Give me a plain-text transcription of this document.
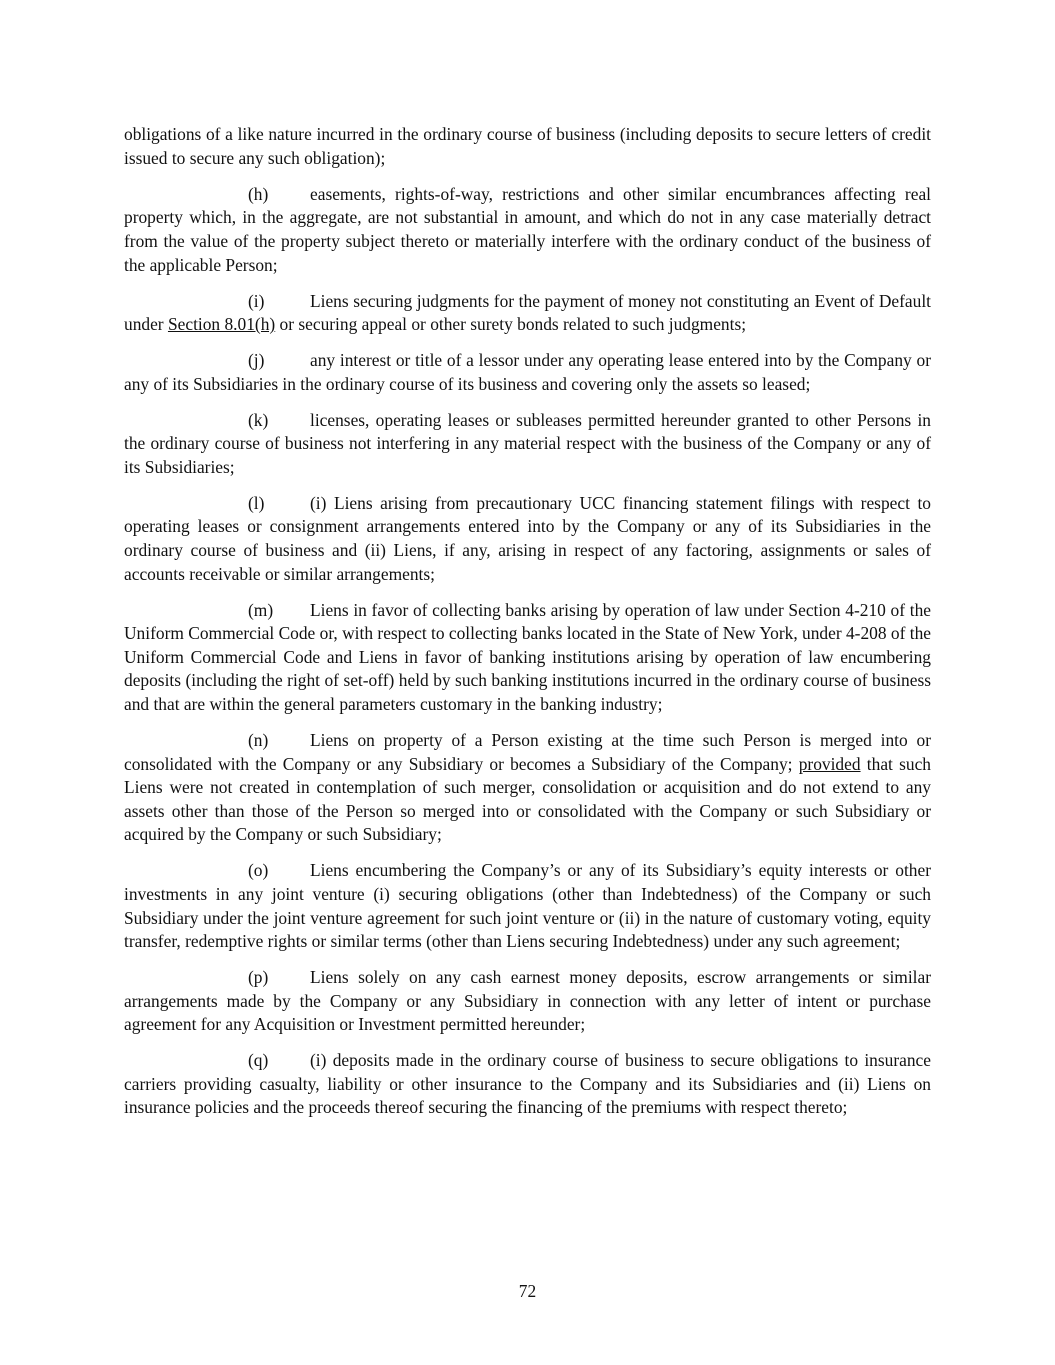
obligations of a like nature incurred in the ordinary course of business (including deposits to secure letters of credit issued to secure any such obligation);

(h) easements, rights-of-way, restrictions and other similar encumbrances affecting real property which, in the aggregate, are not substantial in amount, and which do not in any case materially detract from the value of the property subject thereto or materially interfere with the ordinary conduct of the business of the applicable Person;

(i)	Liens securing judgments for the payment of money not constituting an Event of Default under Section 8.01(h) or securing appeal or other surety bonds related to such judgments;

(j)	any interest or title of a lessor under any operating lease entered into by the Company or any of its Subsidiaries in the ordinary course of its business and covering only the assets so leased;

(k) licenses, operating leases or subleases permitted hereunder granted to other Persons in the ordinary course of business not interfering in any material respect with the business of the Company or any of its Subsidiaries;

(l)	(i) Liens arising from precautionary UCC financing statement filings with respect to operating leases or consignment arrangements entered into by the Company or any of its Subsidiaries in the ordinary course of business and (ii) Liens, if any, arising in respect of any factoring, assignments or sales of accounts receivable or similar arrangements;

(m) Liens in favor of collecting banks arising by operation of law under Section 4-210 of the Uniform Commercial Code or, with respect to collecting banks located in the State of New York, under 4-208 of the Uniform Commercial Code and Liens in favor of banking institutions arising by operation of law encumbering deposits (including the right of set-off) held by such banking institutions incurred in the ordinary course of business and that are within the general parameters customary in the banking industry;

(n) Liens on property of a Person existing at the time such Person is merged into or consolidated with the Company or any Subsidiary or becomes a Subsidiary of the Company; provided that such Liens were not created in contemplation of such merger, consolidation or acquisition and do not extend to any assets other than those of the Person so merged into or consolidated with the Company or such Subsidiary or acquired by the Company or such Subsidiary;

(o) Liens encumbering the Company’s or any of its Subsidiary’s equity interests or other investments in any joint venture (i) securing obligations (other than Indebtedness) of the Company or such Subsidiary under the joint venture agreement for such joint venture or (ii) in the nature of customary voting, equity transfer, redemptive rights or similar terms (other than Liens securing Indebtedness) under any such agreement;

(p) Liens solely on any cash earnest money deposits, escrow arrangements or similar arrangements made by the Company or any Subsidiary in connection with any letter of intent or purchase agreement for any Acquisition or Investment permitted hereunder;

(q) (i) deposits made in the ordinary course of business to secure obligations to insurance carriers providing casualty, liability or other insurance to the Company and its Subsidiaries and (ii) Liens on insurance policies and the proceeds thereof securing the financing of the premiums with respect thereto;

72
